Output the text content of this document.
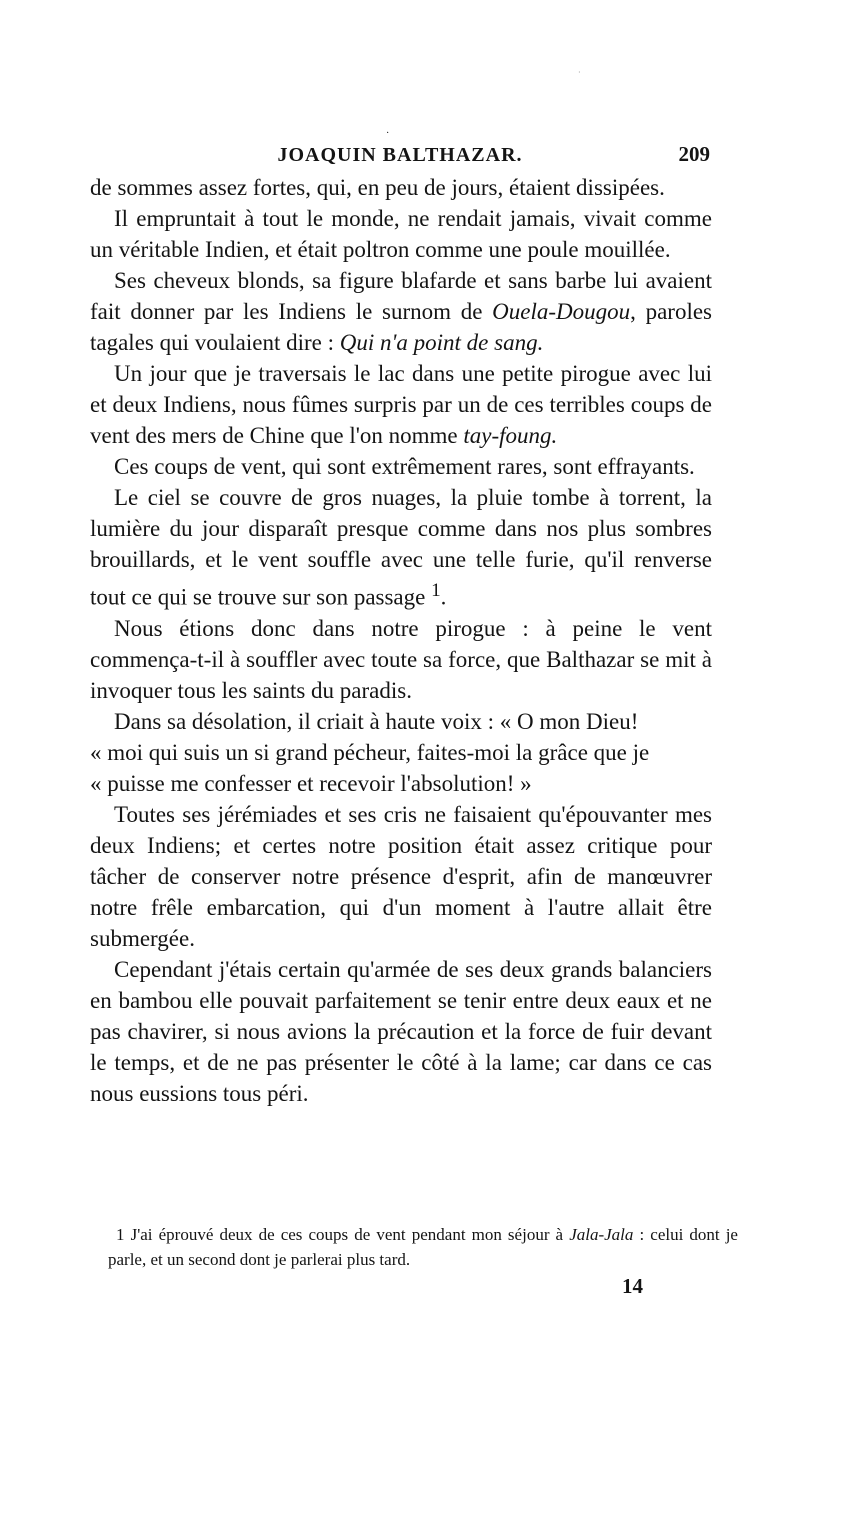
·
·
JOAQUIN BALTHAZAR.	209

de sommes assez fortes, qui, en peu de jours, étaient dissipées.

Il empruntait à tout le monde, ne rendait jamais, vivait comme un véritable Indien, et était poltron comme une poule mouillée.

Ses cheveux blonds, sa figure blafarde et sans barbe lui avaient fait donner par les Indiens le surnom de Ouela-Dougou, paroles tagales qui voulaient dire : Qui n'a point de sang.

Un jour que je traversais le lac dans une petite pirogue avec lui et deux Indiens, nous fûmes surpris par un de ces terribles coups de vent des mers de Chine que l'on nomme tay-foung.

Ces coups de vent, qui sont extrêmement rares, sont effrayants.

Le ciel se couvre de gros nuages, la pluie tombe à torrent, la lumière du jour disparaît presque comme dans nos plus sombres brouillards, et le vent souffle avec une telle furie, qu'il renverse tout ce qui se trouve sur son passage $^1$.

Nous étions donc dans notre pirogue : à peine le vent commença-t-il à souffler avec toute sa force, que Balthazar se mit à invoquer tous les saints du paradis.

Dans sa désolation, il criait à haute voix : « O mon Dieu!

« moi qui suis un si grand pécheur, faites-moi la grâce que je

« puisse me confesser et recevoir l'absolution! »

Toutes ses jérémiades et ses cris ne faisaient qu'épouvanter mes deux Indiens; et certes notre position était assez critique pour tâcher de conserver notre présence d'esprit, afin de manœuvrer notre frêle embarcation, qui d'un moment à l'autre allait être submergée.

Cependant j'étais certain qu'armée de ses deux grands balanciers en bambou elle pouvait parfaitement se tenir entre deux eaux et ne pas chavirer, si nous avions la précaution et la force de fuir devant le temps, et de ne pas présenter le côté à la lame; car dans ce cas nous eussions tous péri.

1 J'ai éprouvé deux de ces coups de vent pendant mon séjour à Jala-Jala : celui dont je parle, et un second dont je parlerai plus tard.
14
